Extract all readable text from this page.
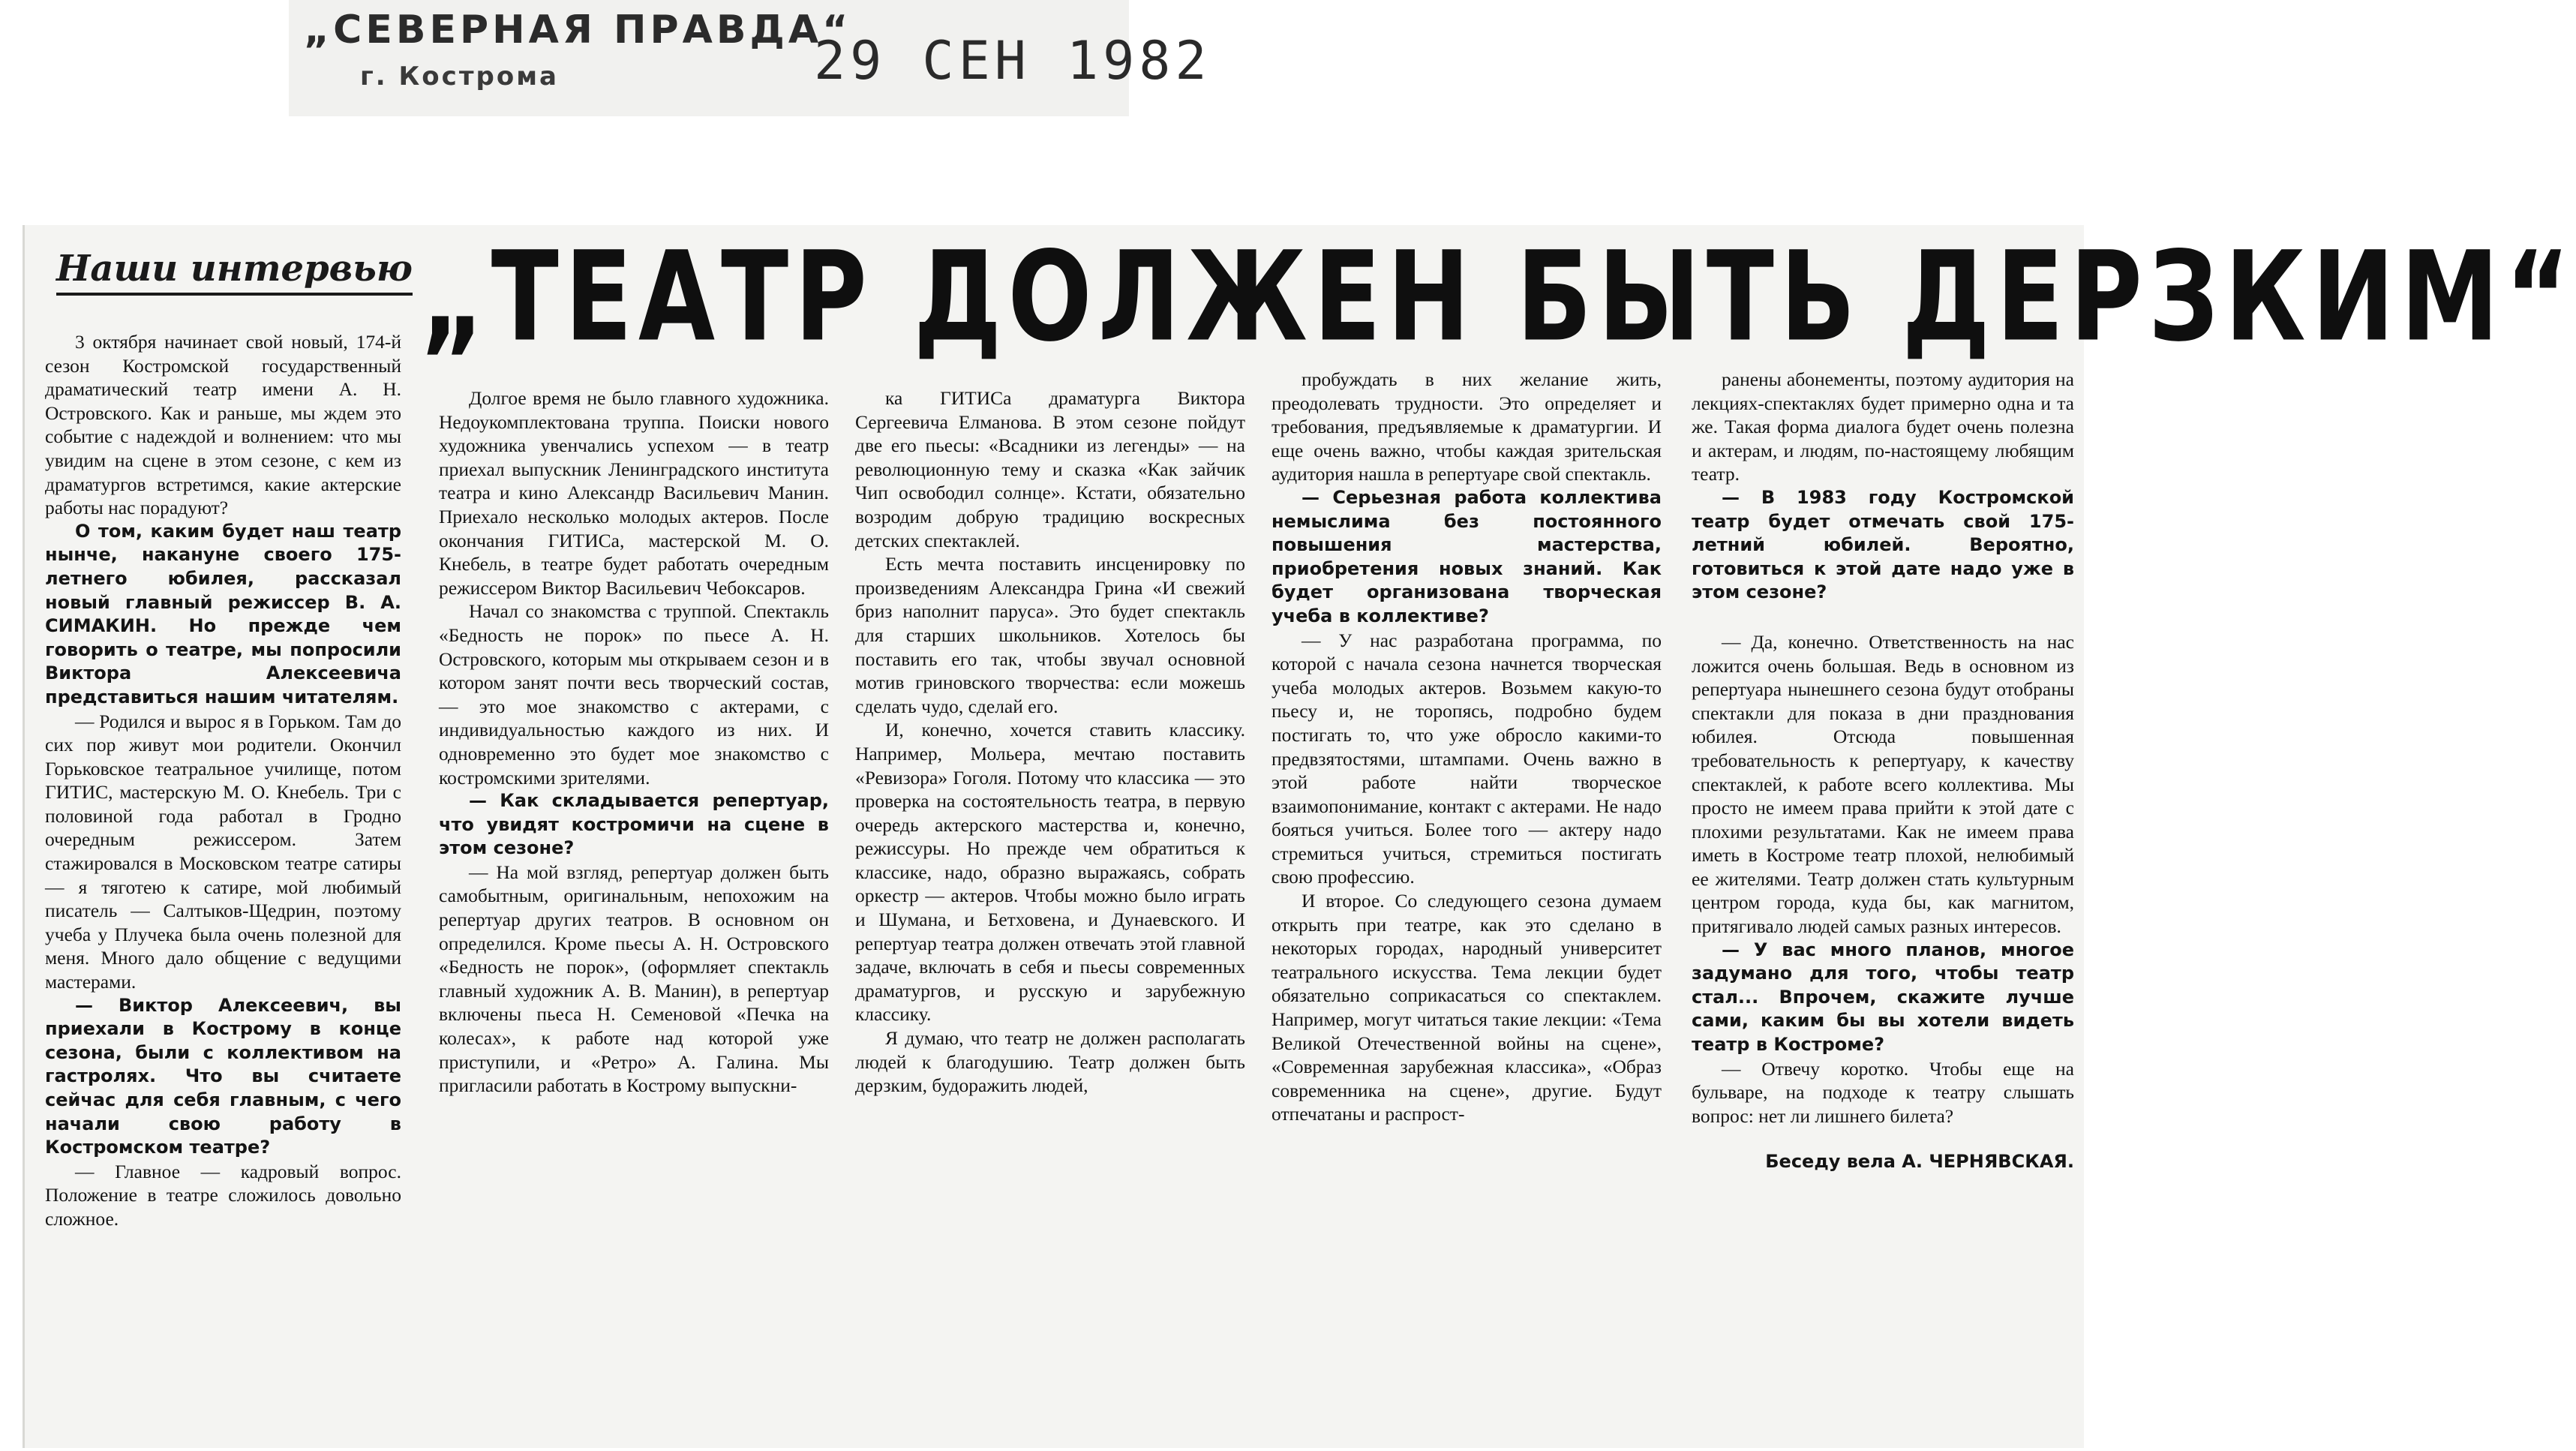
„СЕВЕРНАЯ ПРАВДА“
г. Кострома	29 СЕН 1982
Наши интервью „ТЕАТР ДОЛЖЕН БЫТЬ ДЕРЗКИМ“

3 октября начинает свой новый, 174-й сезон Костромской государственный драматический театр имени А. Н. Островского. Как и раньше, мы ждем это событие с надеждой и волнением: что мы увидим на сцене в этом сезоне, с кем из драматургов встретимся, какие актерские работы нас порадуют?

О том, каким будет наш театр нынче, накануне своего 175-летнего юбилея, рассказал новый главный режиссер В. А. СИМАКИН. Но прежде чем говорить о театре, мы попросили Виктора Алексеевича представиться нашим читателям.

— Родился и вырос я в Горьком. Там до сих пор живут мои родители. Окончил Горьковское театральное училище, потом ГИТИС, мастерскую М. О. Кнебель. Три с половиной года работал в Гродно очередным режиссером. Затем стажировался в Московском театре сатиры — я тяготею к сатире, мой любимый писатель — Салтыков-Щедрин, поэтому учеба у Плучека была очень полезной для меня. Много дало общение с ведущими мастерами.

— Виктор Алексеевич, вы приехали в Кострому в конце сезона, были с коллективом на гастролях. Что вы считаете сейчас для себя главным, с чего начали свою работу в Костромском театре?

— Главное — кадровый вопрос. Положение в театре сложилось довольно сложное.

Долгое время не было главного художника. Недоукомплектована труппа. Поиски нового художника увенчались успехом — в театр приехал выпускник Ленинградского института театра и кино Александр Васильевич Манин. Приехало несколько молодых актеров. После окончания ГИТИСа, мастерской М. О. Кнебель, в театре будет работать очередным режиссером Виктор Васильевич Чебоксаров.

Начал со знакомства с труппой. Спектакль «Бедность не порок» по пьесе А. Н. Островского, которым мы открываем сезон и в котором занят почти весь творческий состав, — это мое знакомство с актерами, с индивидуальностью каждого из них. И одновременно это будет мое знакомство с костромскими зрителями.

— Как складывается репертуар, что увидят костромичи на сцене в этом сезоне?

— На мой взгляд, репертуар должен быть самобытным, оригинальным, непохожим на репертуар других театров. В основном он определился. Кроме пьесы А. Н. Островского «Бедность не порок», (оформляет спектакль главный художник А. В. Манин), в репертуар включены пьеса Н. Семеновой «Печка на колесах», к работе над которой уже приступили, и «Ретро» А. Галина. Мы пригласили работать в Кострому выпускни-

ка ГИТИСа драматурга Виктора Сергеевича Елманова. В этом сезоне пойдут две его пьесы: «Всадники из легенды» — на революционную тему и сказка «Как зайчик Чип освободил солнце». Кстати, обязательно возродим добрую традицию воскресных детских спектаклей.

Есть мечта поставить инсценировку по произведениям Александра Грина «И свежий бриз наполнит паруса». Это будет спектакль для старших школьников. Хотелось бы поставить его так, чтобы звучал основной мотив гриновского творчества: если можешь сделать чудо, сделай его.

И, конечно, хочется ставить классику. Например, Мольера, мечтаю поставить «Ревизора» Гоголя. Потому что классика — это проверка на состоятельность театра, в первую очередь актерского мастерства и, конечно, режиссуры. Но прежде чем обратиться к классике, надо, образно выражаясь, собрать оркестр — актеров. Чтобы можно было играть и Шумана, и Бетховена, и Дунаевского. И репертуар театра должен отвечать этой главной задаче, включать в себя и пьесы современных драматургов, и русскую и зарубежную классику.

Я думаю, что театр не должен располагать людей к благодушию. Театр должен быть дерзким, будоражить людей,

пробуждать в них желание жить, преодолевать трудности. Это определяет и требования, предъявляемые к драматургии. И еще очень важно, чтобы каждая зрительская аудитория нашла в репертуаре свой спектакль.

— Серьезная работа коллектива немыслима без постоянного повышения мастерства, приобретения новых знаний. Как будет организована творческая учеба в коллективе?

— У нас разработана программа, по которой с начала сезона начнется творческая учеба молодых актеров. Возьмем какую-то пьесу и, не торопясь, подробно будем постигать то, что уже обросло какими-то предвзятостями, штампами. Очень важно в этой работе найти творческое взаимопонимание, контакт с актерами. Не надо бояться учиться. Более того — актеру надо стремиться учиться, стремиться постигать свою профессию.

И второе. Со следующего сезона думаем открыть при театре, как это сделано в некоторых городах, народный университет театрального искусства. Тема лекции будет обязательно соприкасаться со спектаклем. Например, могут читаться такие лекции: «Тема Великой Отечественной войны на сцене», «Современная зарубежная классика», «Образ современника на сцене», другие. Будут отпечатаны и распрост-

ранены абонементы, поэтому аудитория на лекциях-спектаклях будет примерно одна и та же. Такая форма диалога будет очень полезна и актерам, и людям, по-настоящему любящим театр.

— В 1983 году Костромской театр будет отмечать свой 175-летний юбилей. Вероятно, готовиться к этой дате надо уже в этом сезоне?

— Да, конечно. Ответственность на нас ложится очень большая. Ведь в основном из репертуара нынешнего сезона будут отобраны спектакли для показа в дни празднования юбилея. Отсюда повышенная требовательность к репертуару, к качеству спектаклей, к работе всего коллектива. Мы просто не имеем права прийти к этой дате с плохими результатами. Как не имеем права иметь в Костроме театр плохой, нелюбимый ее жителями. Театр должен стать культурным центром города, куда бы, как магнитом, притягивало людей самых разных интересов.

— У вас много планов, многое задумано для того, чтобы театр стал... Впрочем, скажите лучше сами, каким бы вы хотели видеть театр в Костроме?

— Отвечу коротко. Чтобы еще на бульваре, на подходе к театру слышать вопрос: нет ли лишнего билета?

Беседу вела А. ЧЕРНЯВСКАЯ.
